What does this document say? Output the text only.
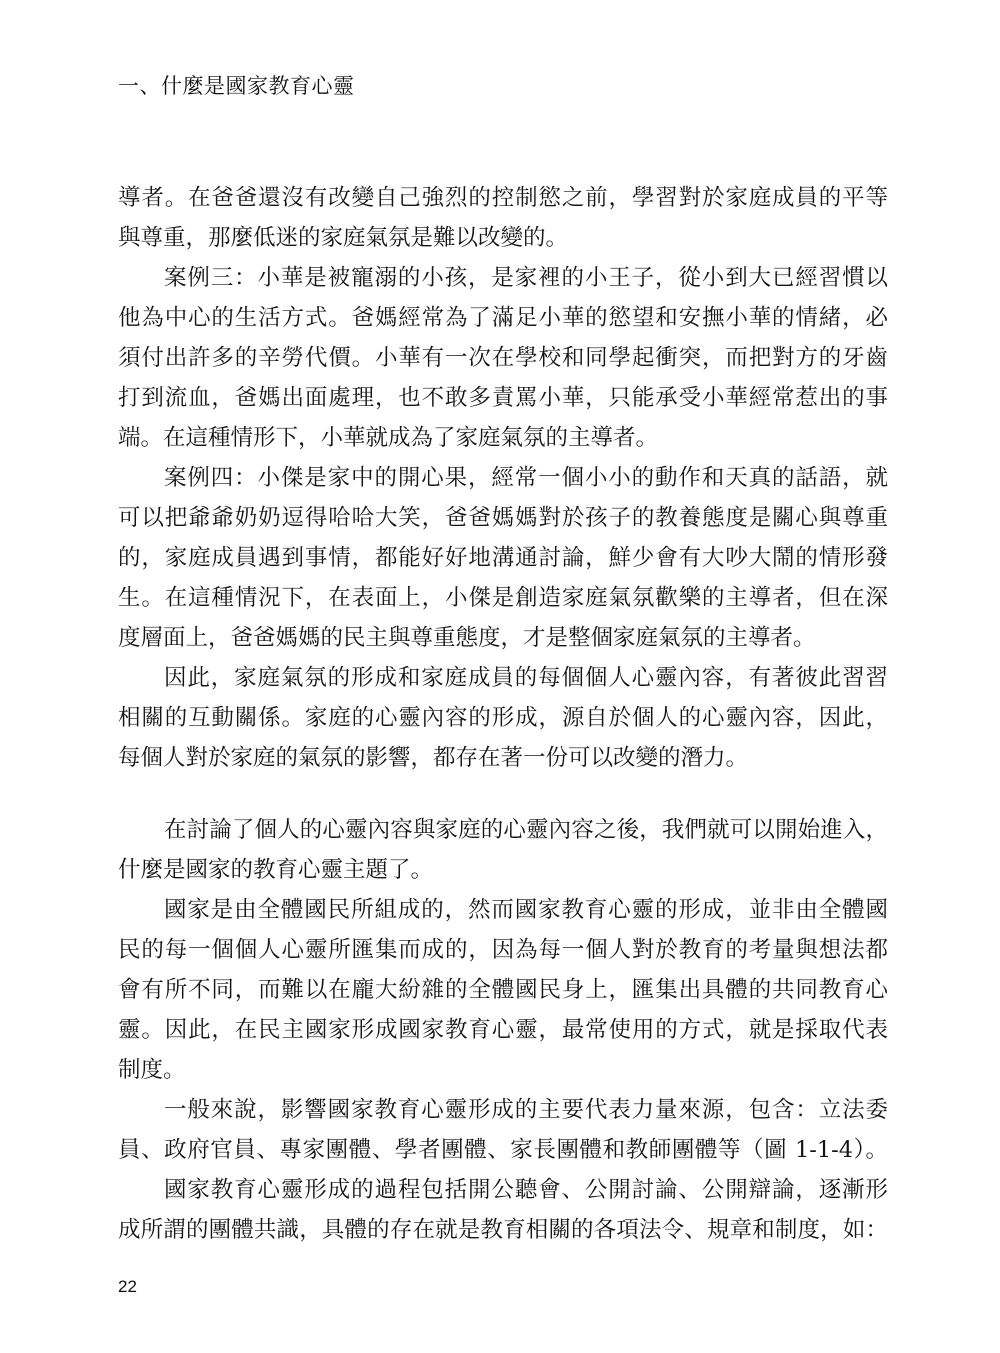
一、什麼是國家教育心靈
導者。在爸爸還沒有改變自己強烈的控制慾之前，學習對於家庭成員的平等
與尊重，那麼低迷的家庭氣氛是難以改變的。
案例三：小華是被寵溺的小孩，是家裡的小王子，從小到大已經習慣以
他為中心的生活方式。爸媽經常為了滿足小華的慾望和安撫小華的情緒，必
須付出許多的辛勞代價。小華有一次在學校和同學起衝突，而把對方的牙齒
打到流血，爸媽出面處理，也不敢多責罵小華，只能承受小華經常惹出的事
端。在這種情形下，小華就成為了家庭氣氛的主導者。
案例四：小傑是家中的開心果，經常一個小小的動作和天真的話語，就
可以把爺爺奶奶逗得哈哈大笑，爸爸媽媽對於孩子的教養態度是關心與尊重
的，家庭成員遇到事情，都能好好地溝通討論，鮮少會有大吵大鬧的情形發
生。在這種情況下，在表面上，小傑是創造家庭氣氛歡樂的主導者，但在深
度層面上，爸爸媽媽的民主與尊重態度，才是整個家庭氣氛的主導者。
因此，家庭氣氛的形成和家庭成員的每個個人心靈內容，有著彼此習習
相關的互動關係。家庭的心靈內容的形成，源自於個人的心靈內容，因此，
每個人對於家庭的氣氛的影響，都存在著一份可以改變的潛力。
在討論了個人的心靈內容與家庭的心靈內容之後，我們就可以開始進入，
什麼是國家的教育心靈主題了。
國家是由全體國民所組成的，然而國家教育心靈的形成，並非由全體國
民的每一個個人心靈所匯集而成的，因為每一個人對於教育的考量與想法都
會有所不同，而難以在龐大紛雜的全體國民身上，匯集出具體的共同教育心
靈。因此，在民主國家形成國家教育心靈，最常使用的方式，就是採取代表
制度。
一般來說，影響國家教育心靈形成的主要代表力量來源，包含：立法委
員、政府官員、專家團體、學者團體、家長團體和教師團體等（圖 1-1-4）。
國家教育心靈形成的過程包括開公聽會、公開討論、公開辯論，逐漸形
成所謂的團體共識，具體的存在就是教育相關的各項法令、規章和制度，如：
22
